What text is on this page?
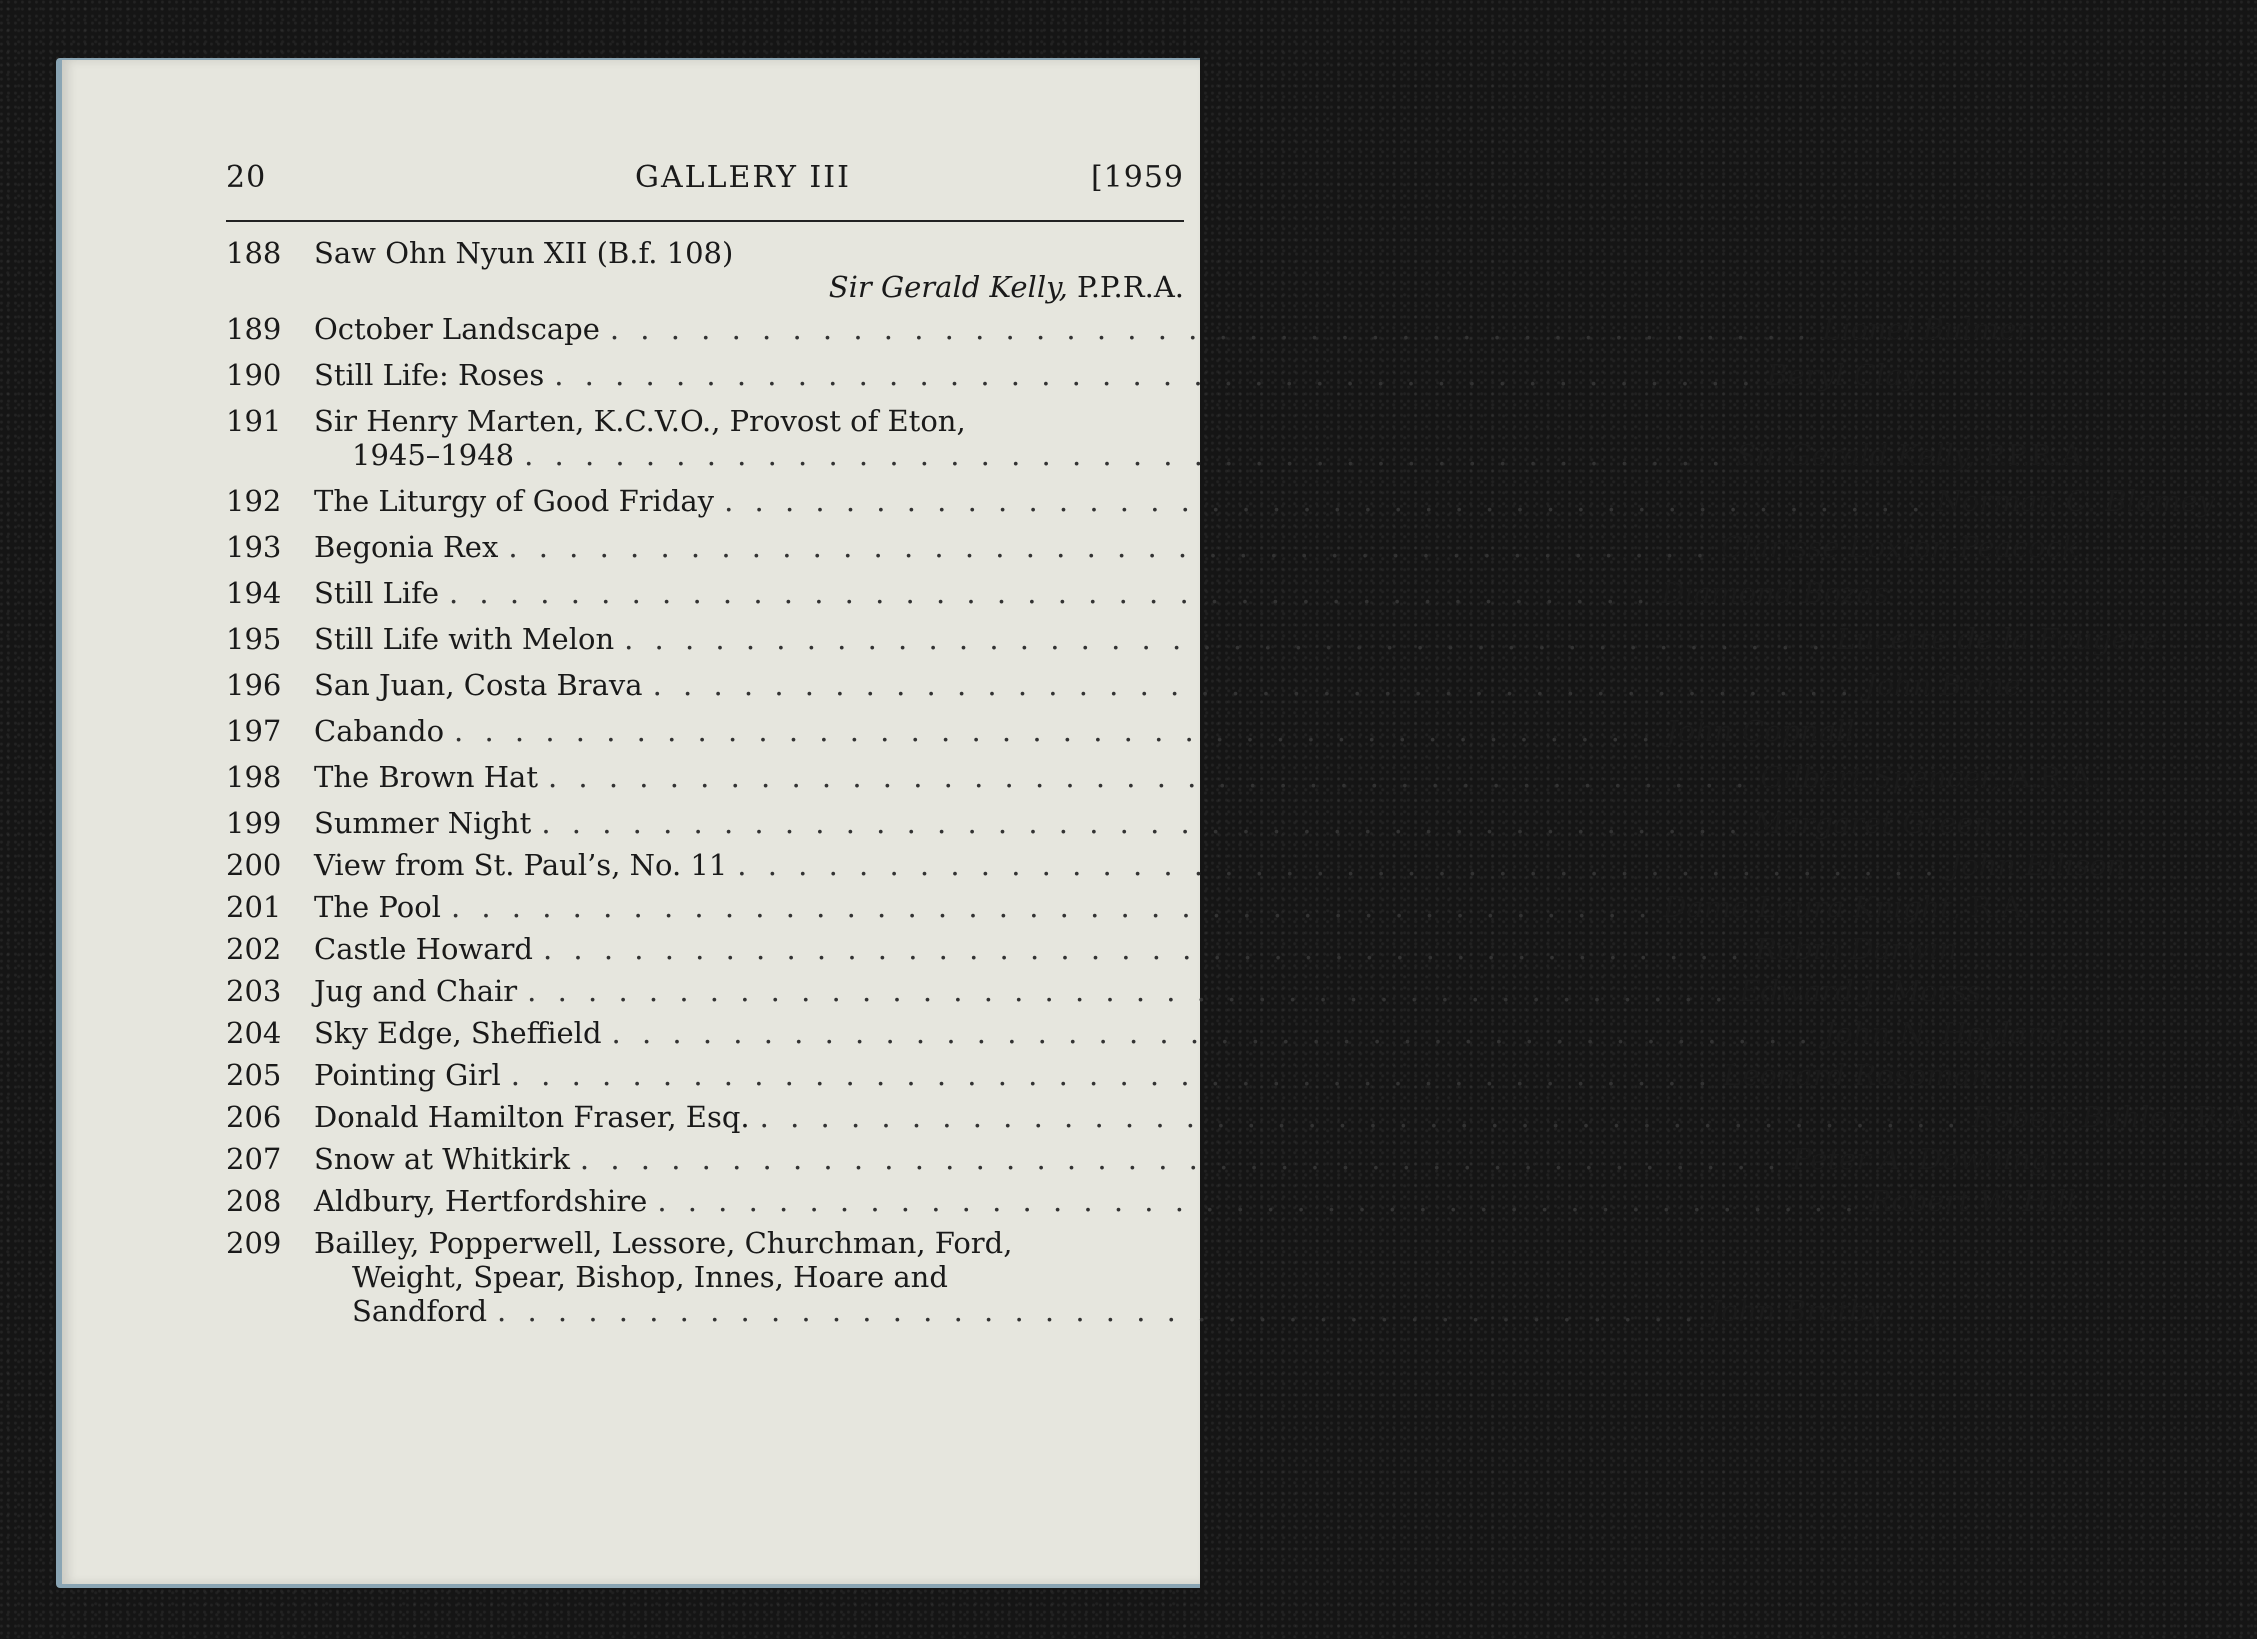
20	GALLERY III	[1959
188	Saw Ohn Nyun XII (B.f. 108)
Sir Gerald Kelly, P.P.R.A.
189	October Landscape . . . . . . . . . . . . . . . . . . . . . . . . . . . . . . . . . . . . . . . . Lionel Bulmer
190	Still Life: Roses . . . . . . . . . . . . . . . . . . . . . . . . . . . . . . . . . . . . . . . . Beryl Clay
191	Sir Henry Marten, K.C.V.O., Provost of Eton,
1945–1948 . . . . . . . . . . . . . . . . . . . . . . . . . . . . . . . . . . . . . . . . Sir Gerald Kelly, P.P.R.A.
192	The Liturgy of Good Friday . . . . . . . . . . . . . . . . . . . . . . . . . . . . . . . . . . . . . . . . Norman C. Blamey
193	Begonia Rex . . . . . . . . . . . . . . . . . . . . . . . . . . . . . . . . . . . . . . . . Clarisse Loxton-Peacock
194	Still Life . . . . . . . . . . . . . . . . . . . . . . . . . . . . . . . . . . . . . . . . Diamond Bozas
195	Still Life with Melon . . . . . . . . . . . . . . . . . . . . . . . . . . . . . . . . . . . . . . . . Lucette de la Fougère
196	San Juan, Costa Brava . . . . . . . . . . . . . . . . . . . . . . . . . . . . . . . . . . . . . . . . John Brine
197	Cabando . . . . . . . . . . . . . . . . . . . . . . . . . . . . . . . . . . . . . . . . John Copnall
198	The Brown Hat . . . . . . . . . . . . . . . . . . . . . . . . . . . . . . . . . . . . . . . . Gilbert Spencer, A.R.A.
199	Summer Night . . . . . . . . . . . . . . . . . . . . . . . . . . . . . . . . . . . . . . . . Margaret Green
200	View from St. Paul’s, No. 11 . . . . . . . . . . . . . . . . . . . . . . . . . . . . . . . . . . . . . . . . John Ellison
201	The Pool . . . . . . . . . . . . . . . . . . . . . . . . . . . . . . . . . . . . . . . . Dame Laura Knight, R.A.
202	Castle Howard . . . . . . . . . . . . . . . . . . . . . . . . . . . . . . . . . . . . . . . . Robin Darwin
203	Jug and Chair . . . . . . . . . . . . . . . . . . . . . . . . . . . . . . . . . . . . . . . . Edward J. Morss
204	Sky Edge, Sheffield . . . . . . . . . . . . . . . . . . . . . . . . . . . . . . . . . . . . . . . . John N. Hoyland
205	Pointing Girl . . . . . . . . . . . . . . . . . . . . . . . . . . . . . . . . . . . . . . . . Leonard Rosoman
206	Donald Hamilton Fraser, Esq. . . . . . . . . . . . . . . . . . . . . . . . . . . . . . . . . . . . . . . . . Robert Buhler, R.A.
207	Snow at Whitkirk . . . . . . . . . . . . . . . . . . . . . . . . . . . . . . . . . . . . . . . . Peter A. Downing
208	Aldbury, Hertfordshire . . . . . . . . . . . . . . . . . . . . . . . . . . . . . . . . . . . . . . . . Robert W. Hill
209	Bailley, Popperwell, Lessore, Churchman, Ford,
Weight, Spear, Bishop, Innes, Hoare and
Sandford . . . . . . . . . . . . . . . . . . . . . . . . . . . . . . . . . . . . . . . . John Bratby
